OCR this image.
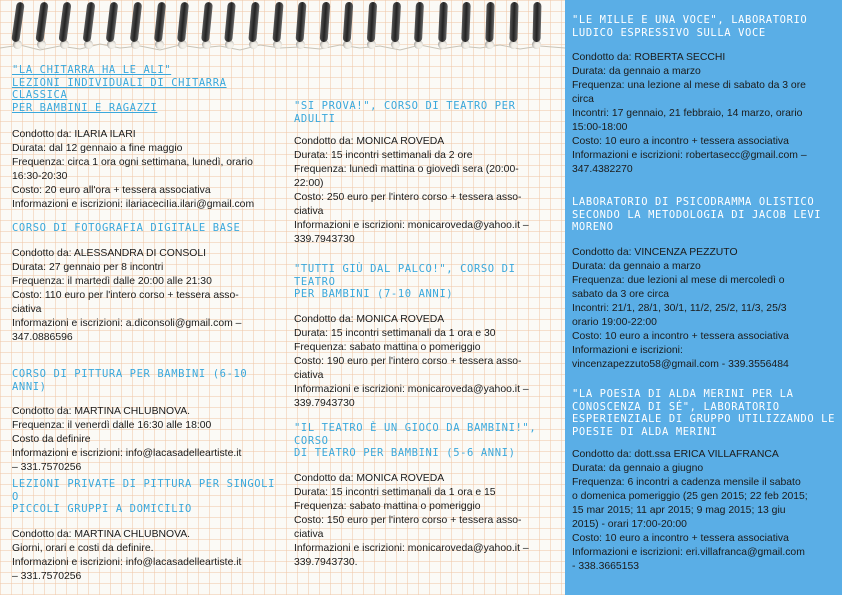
"LA CHITARRA HA LE ALI"
LEZIONI INDIVIDUALI DI CHITARRA CLASSICA
PER BAMBINI E RAGAZZI

Condotto da: ILARIA ILARI

Durata: dal 12 gennaio a fine maggio

Frequenza: circa 1 ora ogni settimana, lunedì, orario
16:30-20:30

Costo: 20 euro all'ora + tessera associativa

Informazioni e iscrizioni: ilariaceciIia.ilari@gmail.com

CORSO DI FOTOGRAFIA DIGITALE BASE

Condotto da: ALESSANDRA DI CONSOLI

Durata: 27 gennaio per 8 incontri

Frequenza: il martedì dalle 20:00 alle 21:30

Costo: 110 euro per l'intero corso + tessera asso-
ciativa

Informazioni e iscrizioni: a.diconsoli@gmail.com –
347.0886596

CORSO DI PITTURA PER BAMBINI (6-10 ANNI)

Condotto da: MARTINA CHLUBNOVA.

Frequenza: il venerdì dalle 16:30 alle 18:00

Costo da definire

Informazioni e iscrizioni: info@lacasadelleartiste.it
– 331.7570256

LEZIONI PRIVATE DI PITTURA PER SINGOLI O
PICCOLI GRUPPI A DOMICILIO

Condotto da: MARTINA CHLUBNOVA.

Giorni, orari e costi da definire.

Informazioni e iscrizioni: info@lacasadelleartiste.it
– 331.7570256

"SI PROVA!", CORSO DI TEATRO PER ADULTI

Condotto da: MONICA ROVEDA

Durata: 15 incontri settimanali da 2 ore

Frequenza: lunedì mattina o giovedì sera (20:00-
22:00)

Costo: 250 euro per l'intero corso + tessera asso-
ciativa

Informazioni e iscrizioni: monicaroveda@yahoo.it –
339.7943730

"TUTTI GIÙ DAL PALCO!", CORSO DI TEATRO
PER BAMBINI (7-10 ANNI)

Condotto da: MONICA ROVEDA

Durata: 15 incontri settimanali da 1 ora e 30

Frequenza: sabato mattina o pomeriggio

Costo: 190 euro per l'intero corso + tessera asso-
ciativa

Informazioni e iscrizioni: monicaroveda@yahoo.it –
339.7943730

"IL TEATRO È UN GIOCO DA BAMBINI!", CORSO
DI TEATRO PER BAMBINI (5-6 ANNI)

Condotto da: MONICA ROVEDA

Durata: 15 incontri settimanali da 1 ora e 15

Frequenza: sabato mattina o pomeriggio

Costo: 150 euro per l'intero corso + tessera asso-
ciativa

Informazioni e iscrizioni: monicaroveda@yahoo.it –
339.7943730.

"LE MILLE E UNA VOCE", LABORATORIO
LUDICO ESPRESSIVO SULLA VOCE

Condotto da: ROBERTA SECCHI

Durata: da gennaio a marzo

Frequenza: una lezione al mese di sabato da 3 ore
circa

Incontri: 17 gennaio, 21 febbraio, 14 marzo, orario
15:00-18:00

Costo: 10 euro a incontro + tessera associativa

Informazioni e iscrizioni: robertasecc@gmail.com –
347.4382270

LABORATORIO DI PSICODRAMMA OLISTICO
SECONDO LA METODOLOGIA DI JACOB LEVI
MORENO

Condotto da: VINCENZA PEZZUTO

Durata: da gennaio a marzo

Frequenza: due lezioni al mese di mercoledì o
sabato da 3 ore circa

Incontri: 21/1, 28/1, 30/1, 11/2, 25/2, 11/3, 25/3
orario 19:00-22:00

Costo: 10 euro a incontro + tessera associativa

Informazioni e iscrizioni:
vincenzapezzuto58@gmail.com - 339.3556484

"LA POESIA DI ALDA MERINI PER LA
CONOSCENZA DI SÉ", LABORATORIO
ESPERIENZIALE DI GRUPPO UTILIZZANDO LE
POESIE DI ALDA MERINI

Condotto da: dott.ssa ERICA VILLAFRANCA

Durata: da gennaio a giugno

Frequenza: 6 incontri a cadenza mensile il sabato
o domenica pomeriggio (25 gen 2015; 22 feb 2015;
15 mar 2015; 11 apr 2015; 9 mag 2015; 13 giu
2015) - orari 17:00-20:00

Costo: 10 euro a incontro + tessera associativa

Informazioni e iscrizioni: eri.villafranca@gmail.com
- 338.3665153
